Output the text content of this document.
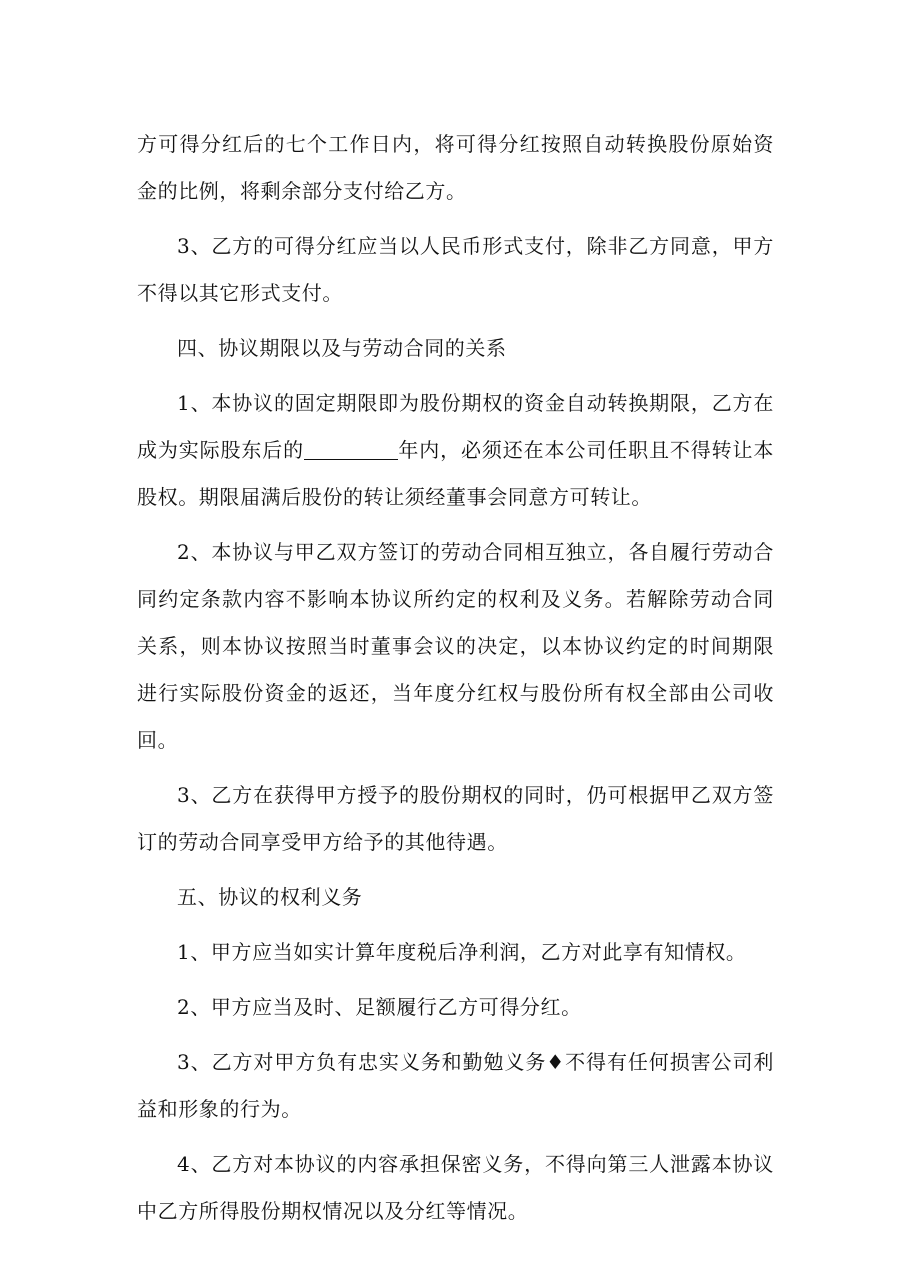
方可得分红后的七个工作日内，将可得分红按照自动转换股份原始资金的比例，将剩余部分支付给乙方。

3、乙方的可得分红应当以人民币形式支付，除非乙方同意，甲方不得以其它形式支付。

四、协议期限以及与劳动合同的关系

1、本协议的固定期限即为股份期权的资金自动转换期限，乙方在成为实际股东后的	年内，必须还在本公司任职且不得转让本股权。期限届满后股份的转让须经董事会同意方可转让。

2、本协议与甲乙双方签订的劳动合同相互独立，各自履行劳动合同约定条款内容不影响本协议所约定的权利及义务。若解除劳动合同关系，则本协议按照当时董事会议的决定，以本协议约定的时间期限进行实际股份资金的返还，当年度分红权与股份所有权全部由公司收回。

3、乙方在获得甲方授予的股份期权的同时，仍可根据甲乙双方签订的劳动合同享受甲方给予的其他待遇。

五、协议的权利义务

1、甲方应当如实计算年度税后净利润，乙方对此享有知情权。

2、甲方应当及时、足额履行乙方可得分红。

3、乙方对甲方负有忠实义务和勤勉义务♦不得有任何损害公司利益和形象的行为。

4、乙方对本协议的内容承担保密义务，不得向第三人泄露本协议中乙方所得股份期权情况以及分红等情况。
